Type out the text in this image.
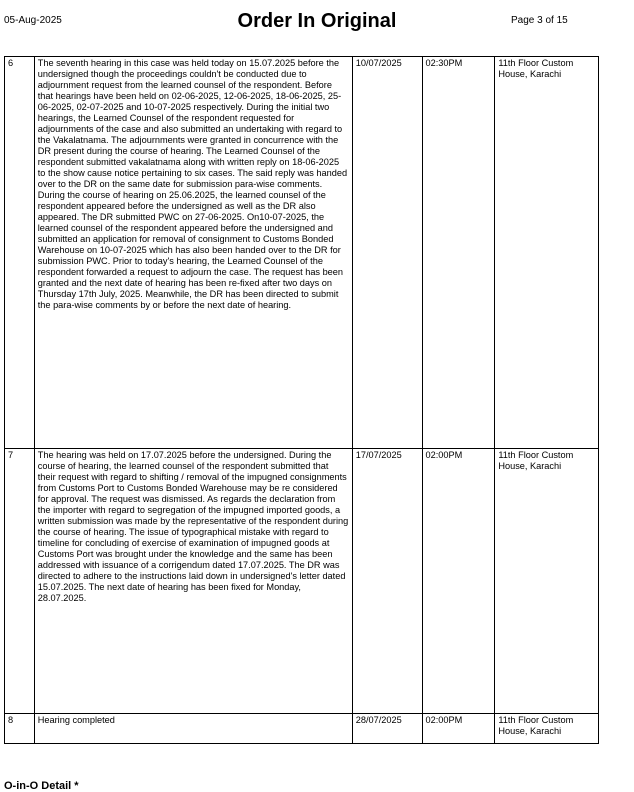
05-Aug-2025	Order In Original	Page 3 of 15
6	The seventh hearing in this case was held today on 15.07.2025 before the undersigned though the proceedings couldn't be conducted due to adjournment request from the learned counsel of the respondent. Before that hearings have been held on 02-06-2025, 12-06-2025, 18-06-2025, 25-06-2025, 02-07-2025 and 10-07-2025 respectively. During the initial two hearings, the Learned Counsel of the respondent requested for adjournments of the case and also submitted an undertaking with regard to the Vakalatnama. The adjournments were granted in concurrence with the DR present during the course of hearing. The Learned Counsel of the respondent submitted vakalatnama along with written reply on 18-06-2025 to the show cause notice pertaining to six cases. The said reply was handed over to the DR on the same date for submission para-wise comments. During the course of hearing on 25.06.2025, the learned counsel of the respondent appeared before the undersigned as well as the DR also appeared. The DR submitted PWC on 27-06-2025. On10-07-2025, the learned counsel of the respondent appeared before the undersigned and submitted an application for removal of consignment to Customs Bonded Warehouse on 10-07-2025 which has also been handed over to the DR for submission PWC. Prior to today's hearing, the Learned Counsel of the respondent forwarded a request to adjourn the case. The request has been granted and the next date of hearing has been re-fixed after two days on Thursday 17th July, 2025. Meanwhile, the DR has been directed to submit the para-wise comments by or before the next date of hearing.	10/07/2025	02:30PM	11th Floor Custom House, Karachi
7	The hearing was held on 17.07.2025 before the undersigned. During the course of hearing, the learned counsel of the respondent submitted that their request with regard to shifting / removal of the impugned consignments from Customs Port to Customs Bonded Warehouse may be re considered for approval. The request was dismissed. As regards the declaration from the importer with regard to segregation of the impugned imported goods, a written submission was made by the representative of the respondent during the course of hearing. The issue of typographical mistake with regard to timeline for concluding of exercise of examination of impugned goods at Customs Port was brought under the knowledge and the same has been addressed with issuance of a corrigendum dated 17.07.2025. The DR was directed to adhere to the instructions laid down in undersigned's letter dated 15.07.2025. The next date of hearing has been fixed for Monday, 28.07.2025.	17/07/2025	02:00PM	11th Floor Custom House, Karachi
8	Hearing completed	28/07/2025	02:00PM	11th Floor Custom House, Karachi
O-in-O Detail *
